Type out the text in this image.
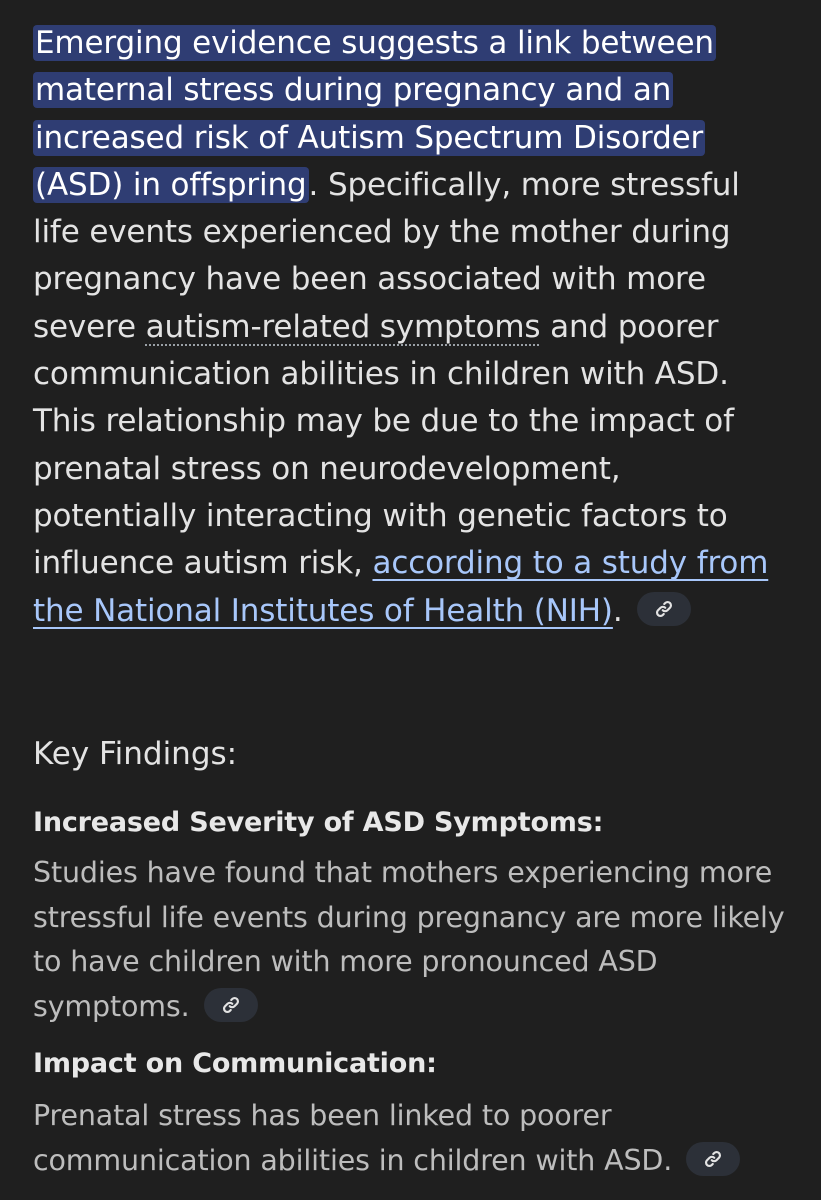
Emerging evidence suggests a link between maternal stress during pregnancy and an increased risk of Autism Spectrum Disorder (ASD) in offspring. Specifically, more stressful life events experienced by the mother during pregnancy have been associated with more severe autism-related symptoms and poorer communication abilities in children with ASD. This relationship may be due to the impact of prenatal stress on neurodevelopment, potentially interacting with genetic factors to influence autism risk, according to a study from the National Institutes of Health (NIH).

Key Findings:
Increased Severity of ASD Symptoms:

Studies have found that mothers experiencing more stressful life events during pregnancy are more likely to have children with more pronounced ASD symptoms.

Impact on Communication:

Prenatal stress has been linked to poorer communication abilities in children with ASD.
